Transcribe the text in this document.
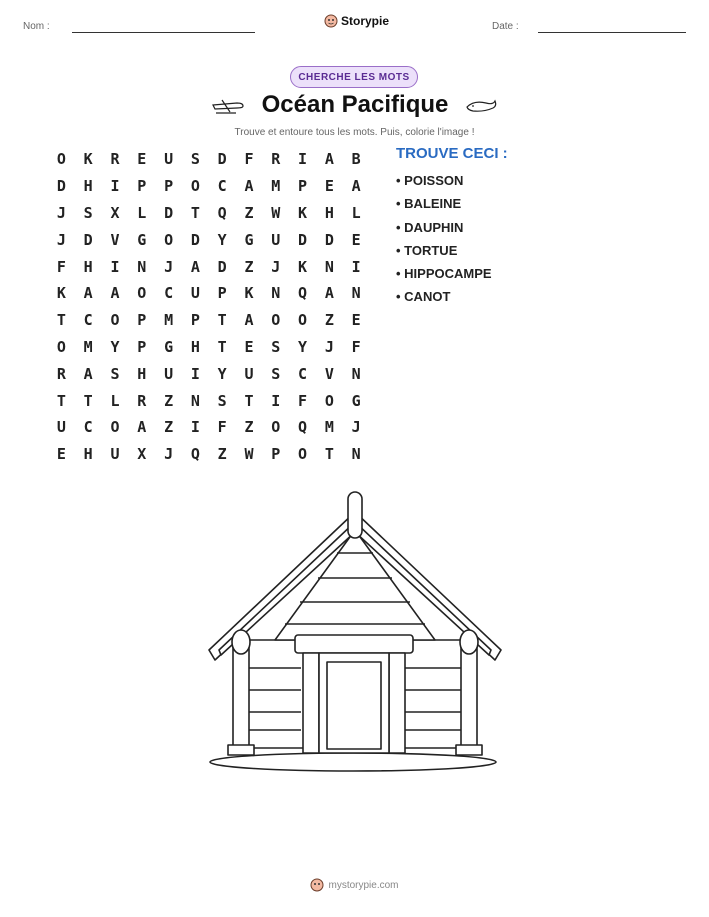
Nom :	Storypie	Date :
CHERCHE LES MOTS
Océan Pacifique
Trouve et entoure tous les mots. Puis, colorie l'image !
O	K	R	E	U	S	D	F	R	I	A	B
D	H	I	P	P	O	C	A	M	P	E	A
J	S	X	L	D	T	Q	Z	W	K	H	L
J	D	V	G	O	D	Y	G	U	D	D	E
F	H	I	N	J	A	D	Z	J	K	N	I
K	A	A	O	C	U	P	K	N	Q	A	N
T	C	O	P	M	P	T	A	O	O	Z	E
O	M	Y	P	G	H	T	E	S	Y	J	F
R	A	S	H	U	I	Y	U	S	C	V	N
T	T	L	R	Z	N	S	T	I	F	O	G
U	C	O	A	Z	I	F	Z	O	Q	M	J
E	H	U	X	J	Q	Z	W	P	O	T	N
TROUVE CECI :
• POISSON
• BALEINE
• DAUPHIN
• TORTUE
• HIPPOCAMPE
• CANOT
mystorypie.com
